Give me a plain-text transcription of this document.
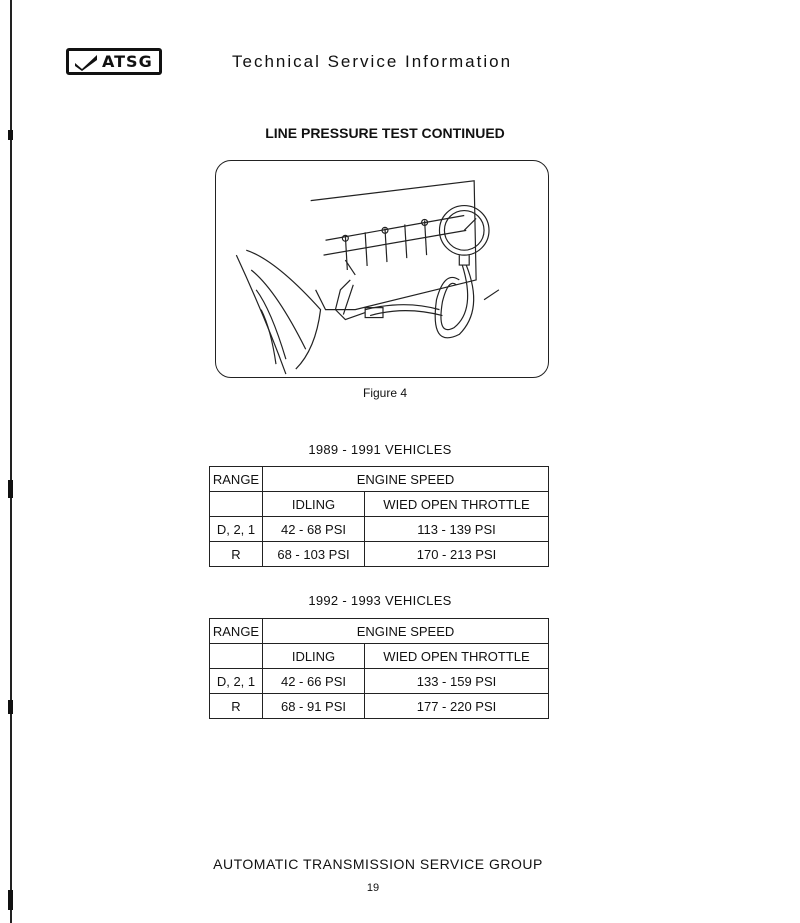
ATSG	Technical Service Information
LINE PRESSURE TEST CONTINUED
Figure 4
1989 - 1991 VEHICLES
RANGE	ENGINE SPEED	
	IDLING	WIED OPEN THROTTLE
D, 2, 1	42 - 68 PSI	113 - 139 PSI
R	68 - 103 PSI	170 - 213 PSI
1992 - 1993 VEHICLES
RANGE	ENGINE SPEED	
	IDLING	WIED OPEN THROTTLE
D, 2, 1	42 - 66 PSI	133 - 159 PSI
R	68 - 91 PSI	177 - 220 PSI
AUTOMATIC TRANSMISSION SERVICE GROUP
19
